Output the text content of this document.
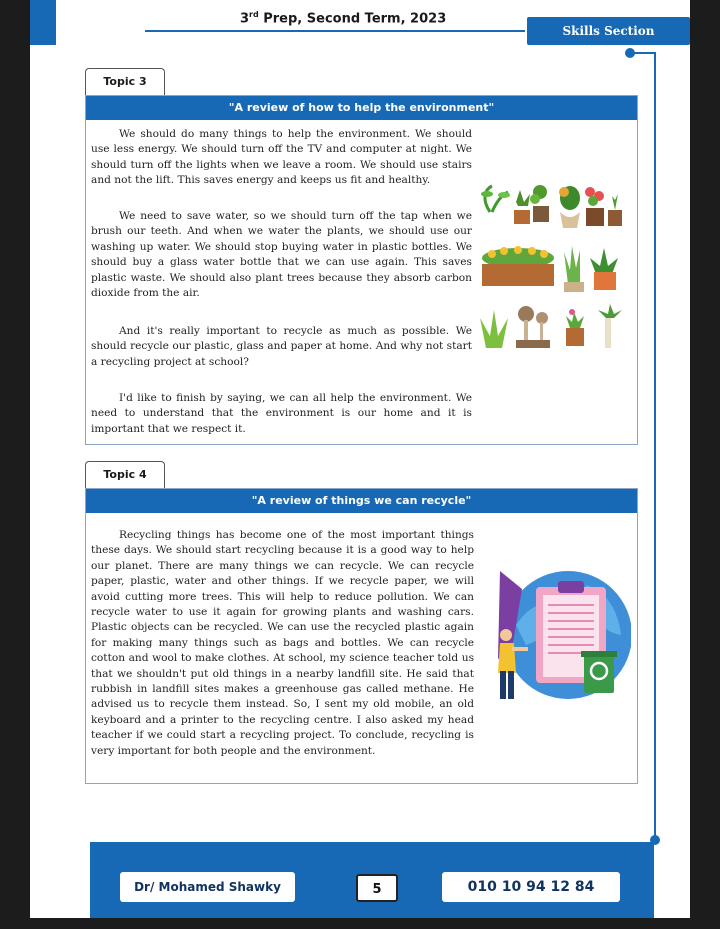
3rd Prep, Second Term, 2023
Skills Section
Topic 3
"A review of how to help the environment"

We should do many things to help the environment. We should use less energy. We should turn off the TV and computer at night. We should turn off the lights when we leave a room. We should use stairs and not the lift. This saves energy and keeps us fit and healthy.

We need to save water, so we should turn off the tap when we brush our teeth. And when we water the plants, we should use our washing up water. We should stop buying water in plastic bottles. We should buy a glass water bottle that we can use again. This saves plastic waste. We should also plant trees because they absorb carbon dioxide from the air.

And it's really important to recycle as much as possible. We should recycle our plastic, glass and paper at home. And why not start a recycling project at school?

I'd like to finish by saying, we can all help the environment. We need to understand that the environment is our home and it is important that we respect it.

Topic 4
"A review of things we can recycle"

Recycling things has become one of the most important things these days. We should start recycling because it is a good way to help our planet. There are many things we can recycle. We can recycle paper, plastic, water and other things. If we recycle paper, we will avoid cutting more trees. This will help to reduce pollution. We can recycle water to use it again for growing plants and washing cars. Plastic objects can be recycled. We can use the recycled plastic again for making many things such as bags and bottles. We can recycle cotton and wool to make clothes. At school, my science teacher told us that we shouldn't put old things in a nearby landfill site. He said that rubbish in landfill sites makes a greenhouse gas called methane. He advised us to recycle them instead. So, I sent my old mobile, an old keyboard and a printer to the recycling centre. I also asked my head teacher if we could start a recycling project. To conclude, recycling is very important for both people and the environment.

Dr/ Mohamed Shawky	5	010 10 94 12 84
